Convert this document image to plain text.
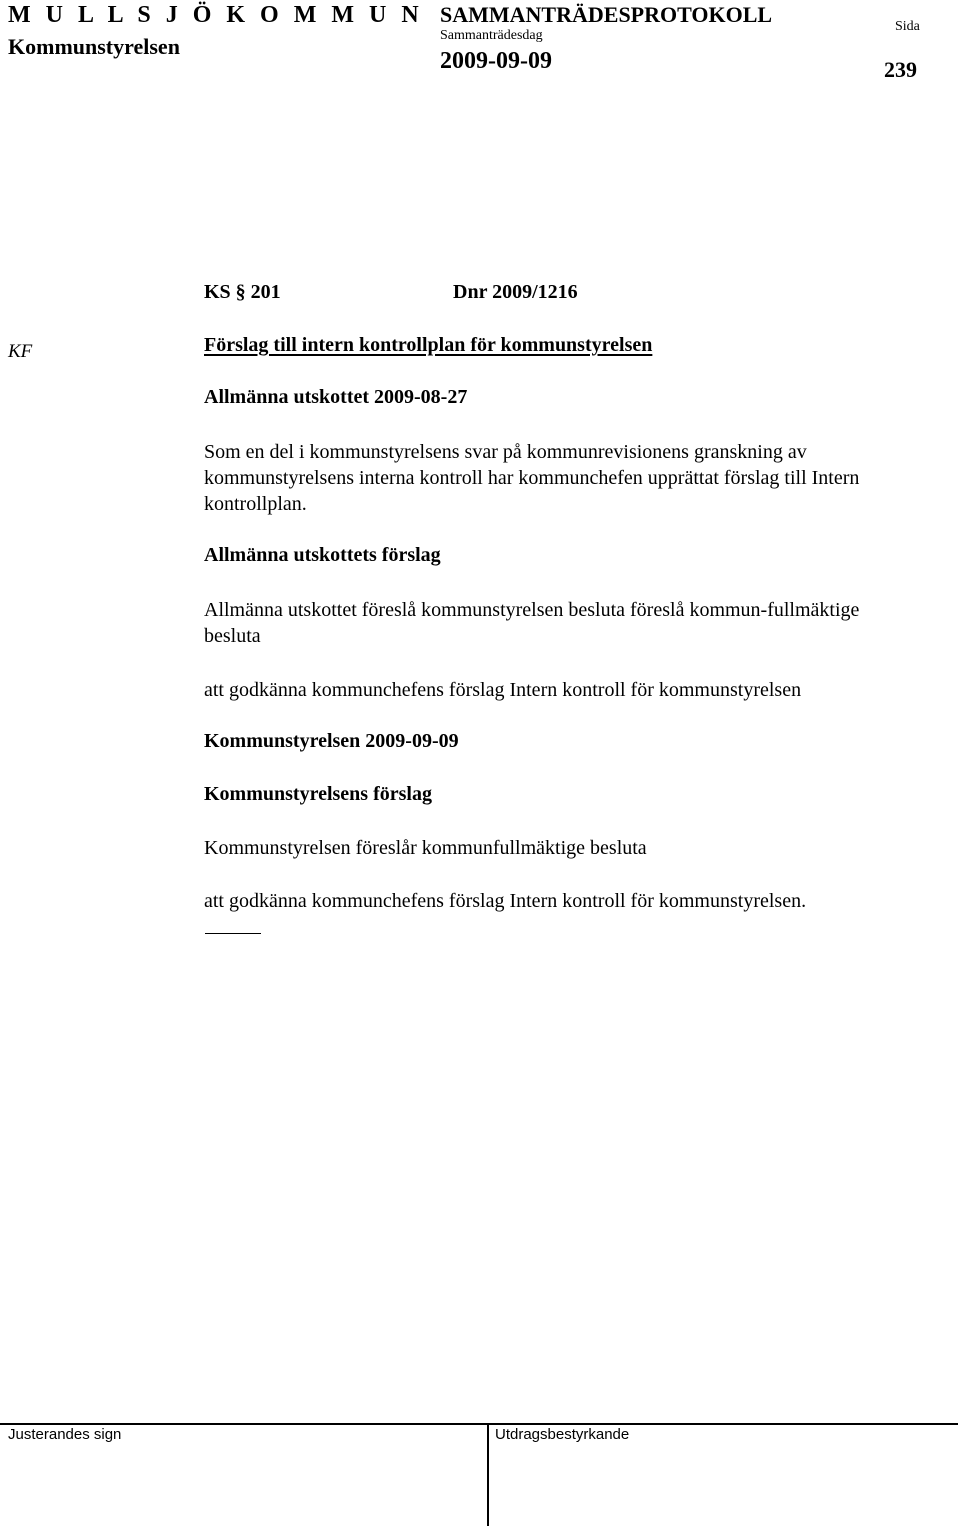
M U L L S J Ö K O M M U N
Kommunstyrelsen
SAMMANTRÄDESPROTOKOLL
Sammanträdesdag
2009-09-09
Sida
239
KS § 201	Dnr 2009/1216
KF	Förslag till intern kontrollplan för kommunstyrelsen
Allmänna utskottet 2009-08-27
Som en del i kommunstyrelsens svar på kommunrevisionens granskning av kommunstyrelsens interna kontroll har kommunchefen upprättat förslag till Intern kontrollplan.
Allmänna utskottets förslag
Allmänna utskottet föreslå kommunstyrelsen besluta föreslå kommun-fullmäktige besluta
att godkänna kommunchefens förslag Intern kontroll för kommunstyrelsen
Kommunstyrelsen 2009-09-09
Kommunstyrelsens förslag
Kommunstyrelsen föreslår kommunfullmäktige besluta
att godkänna kommunchefens förslag Intern kontroll för kommunstyrelsen.
Justerandes sign	Utdragsbestyrkande
